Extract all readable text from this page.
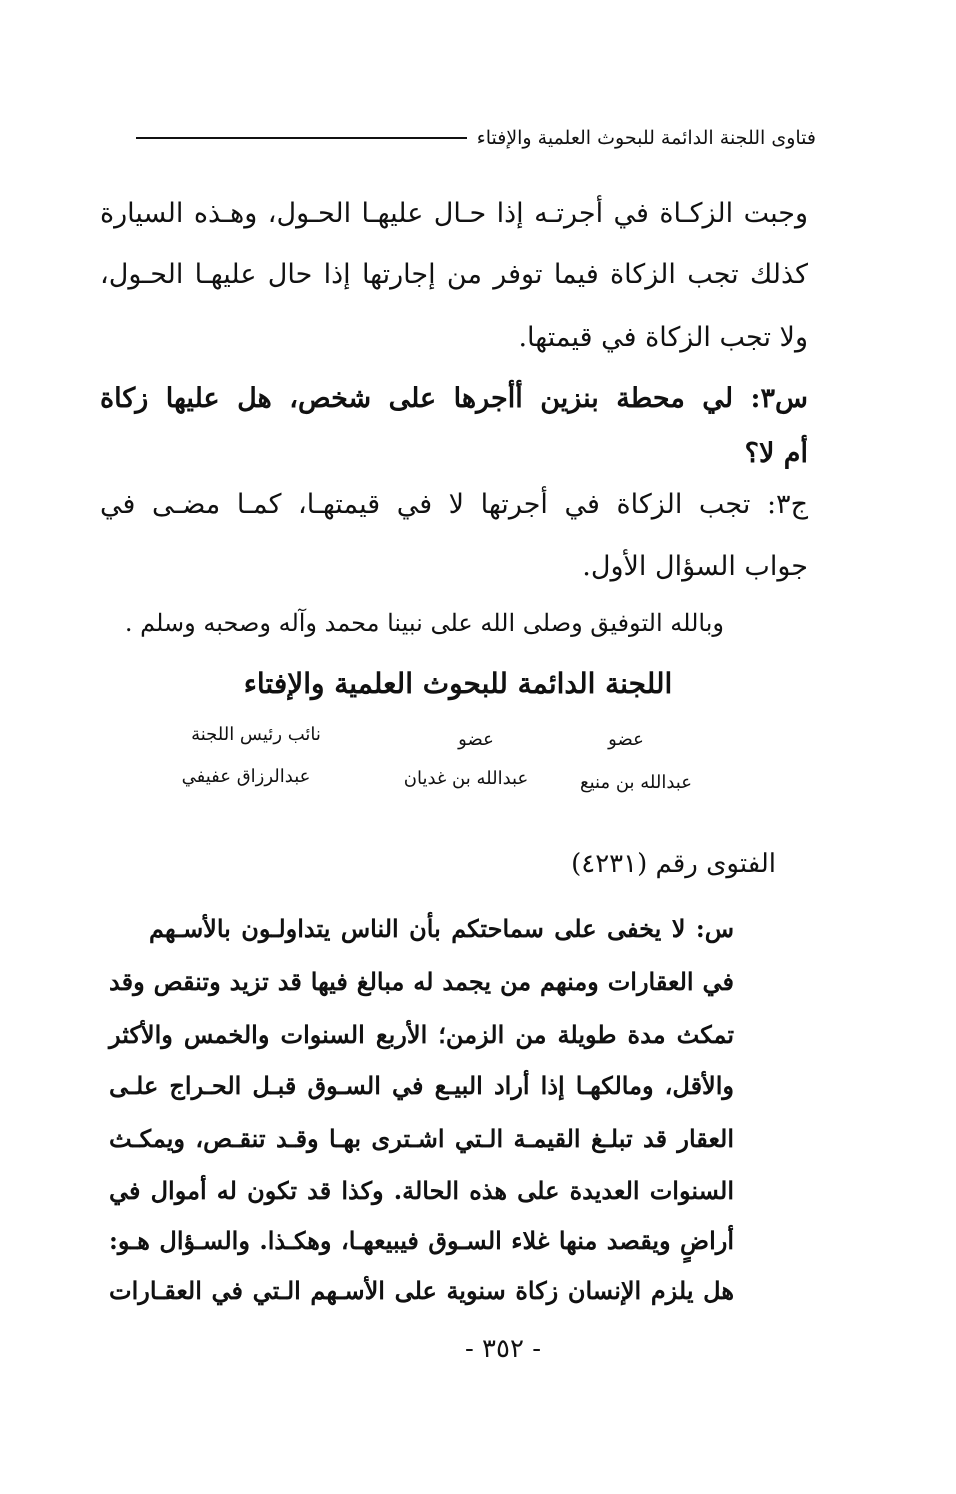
فتاوى اللجنة الدائمة للبحوث العلمية والإفتاء
وجبت الزكـاة في أجرتـه إذا حـال عليهـا الحـول، وهـذه السيارة
كذلك تجب الزكاة فيما توفر من إجارتها إذا حال عليهـا الحـول،
ولا تجب الزكاة في قيمتها.
س٣: لي محطة بنزين أأجرها على شخص، هل عليها زكاة
أم لا؟
ج٣: تجب الزكاة في أجرتها لا في قيمتهـا، كمـا مضـى في
جواب السؤال الأول.
وبالله التوفيق وصلى الله على نبينا محمد وآله وصحبه وسلم .
اللجنة الدائمة للبحوث العلمية والإفتاء
عضو
عضو
نائب رئيس اللجنة
عبدالله بن منيع
عبدالله بن غديان
عبدالرزاق عفيفي
الفتوى رقم (٤٢٣١)
س: لا يخفى على سماحتكم بأن الناس يتداولـون بالأسـهم
في العقارات ومنهم من يجمد له مبالغ فيها قد تزيد وتنقص وقد
تمكث مدة طويلة من الزمن؛ الأربع السنوات والخمس والأكثر
والأقل، ومالكهـا إذا أراد البيـع في السـوق قبـل الحـراج علـى
العقار قد تبلـغ القيمـة الـتي اشـترى بهـا وقـد تنقـص، ويمكـث
السنوات العديدة على هذه الحالة. وكذا قد تكون له أموال في
أراضٍ ويقصد منها غلاء السـوق فيبيعهـا، وهكـذا. والسـؤال هـو:
هل يلزم الإنسان زكاة سنوية على الأسـهم الـتي في العقـارات
- ٣٥٢ -
